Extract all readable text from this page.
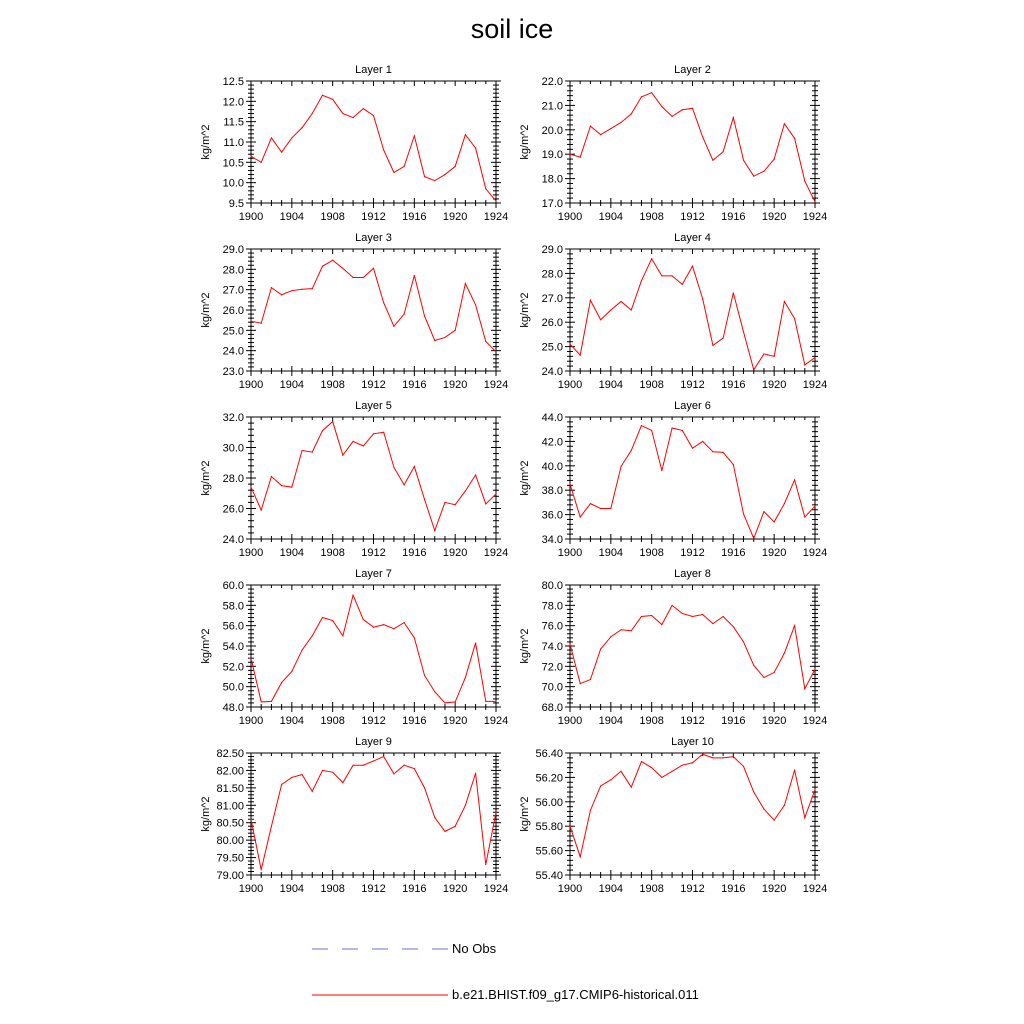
soil ice
Layer 1
1900 1904 1908 1912 1916 1920 1924
9.5
10.0
10.5
11.0
11.5
12.0
12.5
kg/m^2
Layer 2
1900 1904 1908 1912 1916 1920 1924
17.0
18.0
19.0
20.0
21.0
22.0
kg/m^2
Layer 3
1900 1904 1908 1912 1916 1920 1924
23.0
24.0
25.0
26.0
27.0
28.0
29.0
kg/m^2
Layer 4
1900 1904 1908 1912 1916 1920 1924
24.0
25.0
26.0
27.0
28.0
29.0
kg/m^2
Layer 5
1900 1904 1908 1912 1916 1920 1924
24.0
26.0
28.0
30.0
32.0
kg/m^2
Layer 6
1900 1904 1908 1912 1916 1920 1924
34.0
36.0
38.0
40.0
42.0
44.0
kg/m^2
Layer 7
1900 1904 1908 1912 1916 1920 1924
48.0
50.0
52.0
54.0
56.0
58.0
60.0
kg/m^2
Layer 8
1900 1904 1908 1912 1916 1920 1924
68.0
70.0
72.0
74.0
76.0
78.0
80.0
kg/m^2
Layer 9
1900 1904 1908 1912 1916 1920 1924
79.00
79.50
80.00
80.50
81.00
81.50
82.00
82.50
kg/m^2
Layer 10
1900 1904 1908 1912 1916 1920 1924
55.40
55.60
55.80
56.00
56.20
56.40
kg/m^2
No Obs
b.e21.BHIST.f09_g17.CMIP6-historical.011
